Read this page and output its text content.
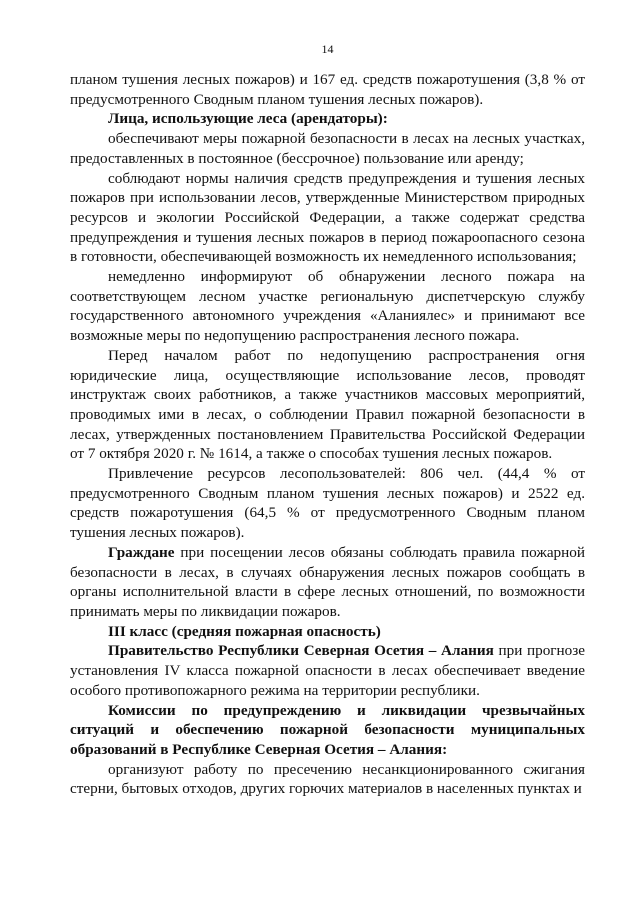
14

планом тушения лесных пожаров) и 167 ед. средств пожаротушения (3,8 % от предусмотренного Сводным планом тушения лесных пожаров).

Лица, использующие леса (арендаторы):

обеспечивают меры пожарной безопасности в лесах на лесных участках, предоставленных в постоянное (бессрочное) пользование или аренду;

соблюдают нормы наличия средств предупреждения и тушения лесных пожаров при использовании лесов, утвержденные Министерством природных ресурсов и экологии Российской Федерации, а также содержат средства предупреждения и тушения лесных пожаров в период пожароопасного сезона в готовности, обеспечивающей возможность их немедленного использования;

немедленно информируют об обнаружении лесного пожара на соответствующем лесном участке региональную диспетчерскую службу государственного автономного учреждения «Аланиялес» и принимают все возможные меры по недопущению распространения лесного пожара.

Перед началом работ по недопущению распространения огня юридические лица, осуществляющие использование лесов, проводят инструктаж своих работников, а также участников массовых мероприятий, проводимых ими в лесах, о соблюдении Правил пожарной безопасности в лесах, утвержденных постановлением Правительства Российской Федерации от 7 октября 2020 г. № 1614, а также о способах тушения лесных пожаров.

Привлечение ресурсов лесопользователей: 806 чел. (44,4 % от предусмотренного Сводным планом тушения лесных пожаров) и 2522 ед. средств пожаротушения (64,5 % от предусмотренного Сводным планом тушения лесных пожаров).

Граждане при посещении лесов обязаны соблюдать правила пожарной безопасности в лесах, в случаях обнаружения лесных пожаров сообщать в органы исполнительной власти в сфере лесных отношений, по возможности принимать меры по ликвидации пожаров.

III класс (средняя пожарная опасность)

Правительство Республики Северная Осетия – Алания при прогнозе установления IV класса пожарной опасности в лесах обеспечивает введение особого противопожарного режима на территории республики.

Комиссии по предупреждению и ликвидации чрезвычайных ситуаций и обеспечению пожарной безопасности муниципальных образований в Республике Северная Осетия – Алания:

организуют работу по пресечению несанкционированного сжигания стерни, бытовых отходов, других горючих материалов в населенных пунктах и
